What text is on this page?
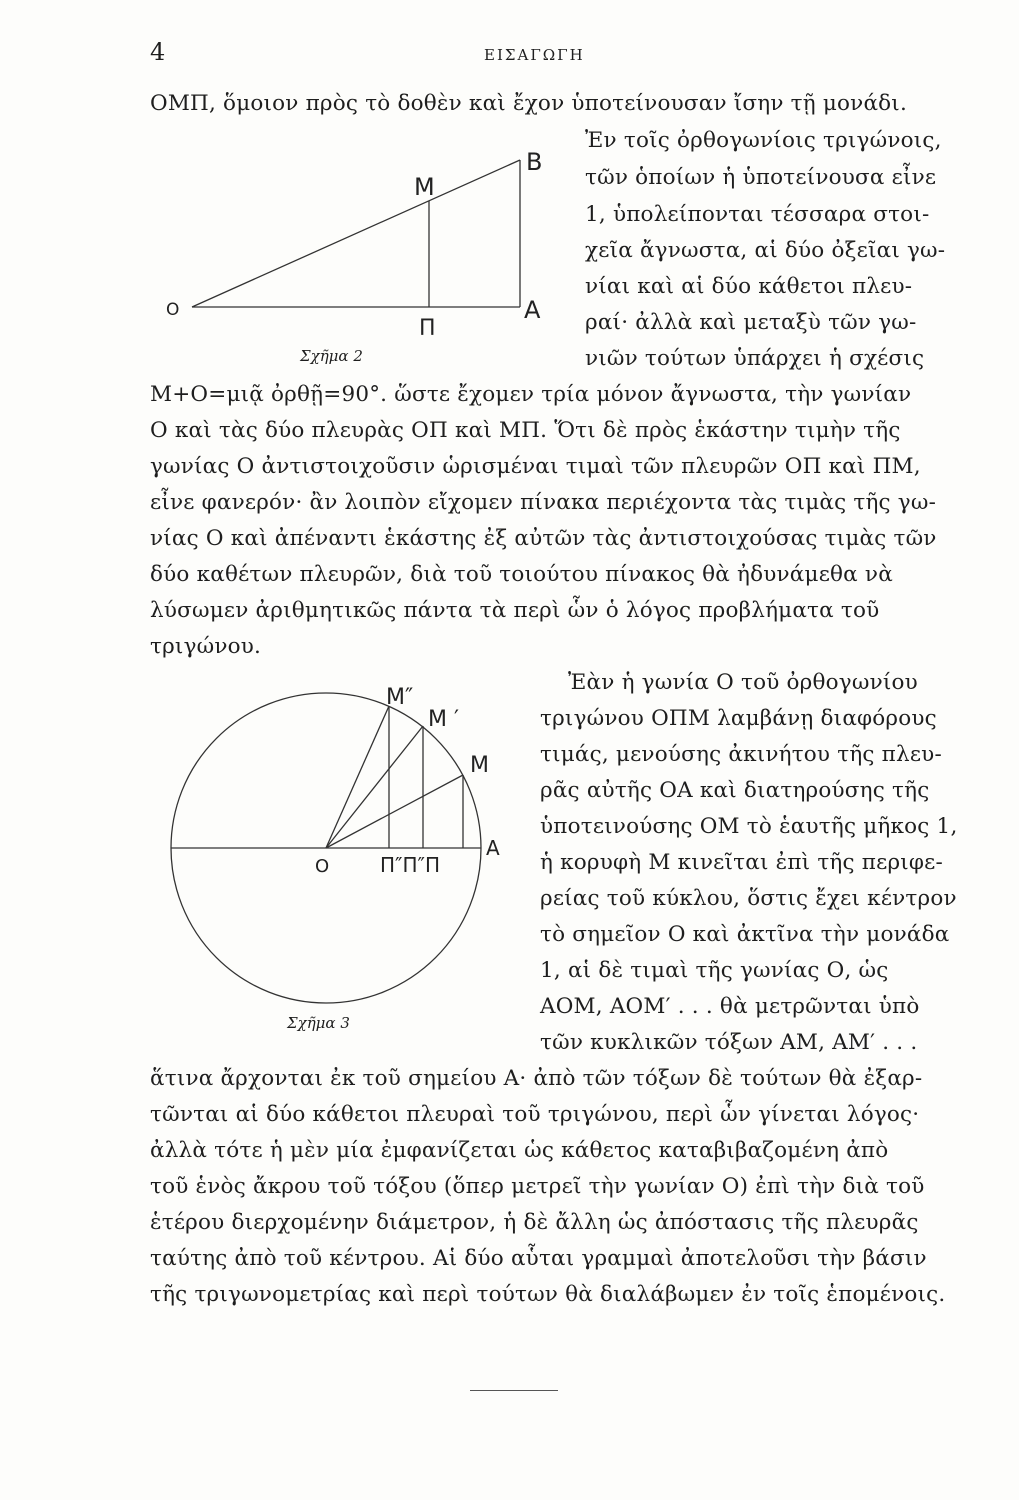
4	ΕΙΣΑΓΩΓΗ
O
Π
A
M
B
Σχῆμα 2
M″
M ′
M
O	Π″Π″Π
A
Σχῆμα 3
ΟΜΠ, ὅμοιον πρὸς τὸ δοθὲν καὶ ἔχον ὑποτείνουσαν ἴσην τῇ μονάδι.
Ἐν τοῖς ὀρθογωνίοις τριγώνοις,
τῶν ὁποίων ἡ ὑποτείνουσα εἶνε
1, ὑπολείπονται τέσσαρα στοι-
χεῖα ἄγνωστα, αἱ δύο ὀξεῖαι γω-
νίαι καὶ αἱ δύο κάθετοι πλευ-
ραί· ἀλλὰ καὶ μεταξὺ τῶν γω-
νιῶν τούτων ὑπάρχει ἡ σχέσις
Μ+Ο=μιᾷ ὀρθῇ=90°. ὥστε ἔχομεν τρία μόνον ἄγνωστα, τὴν γωνίαν
Ο καὶ τὰς δύο πλευρὰς ΟΠ καὶ ΜΠ. Ὅτι δὲ πρὸς ἑκάστην τιμὴν τῆς
γωνίας Ο ἀντιστοιχοῦσιν ὡρισμέναι τιμαὶ τῶν πλευρῶν ΟΠ καὶ ΠΜ,
εἶνε φανερόν· ἂν λοιπὸν εἴχομεν πίνακα περιέχοντα τὰς τιμὰς τῆς γω-
νίας Ο καὶ ἀπέναντι ἑκάστης ἐξ αὐτῶν τὰς ἀντιστοιχούσας τιμὰς τῶν
δύο καθέτων πλευρῶν, διὰ τοῦ τοιούτου πίνακος θὰ ἠδυνάμεθα νὰ
λύσωμεν ἀριθμητικῶς πάντα τὰ περὶ ὧν ὁ λόγος προβλήματα τοῦ
τριγώνου.
Ἐὰν ἡ γωνία Ο τοῦ ὀρθογωνίου
τριγώνου ΟΠΜ λαμβάνῃ διαφόρους
τιμάς, μενούσης ἀκινήτου τῆς πλευ-
ρᾶς αὐτῆς ΟΑ καὶ διατηρούσης τῆς
ὑποτεινούσης ΟΜ τὸ ἑαυτῆς μῆκος 1,
ἡ κορυφὴ Μ κινεῖται ἐπὶ τῆς περιφε-
ρείας τοῦ κύκλου, ὅστις ἔχει κέντρον
τὸ σημεῖον Ο καὶ ἀκτῖνα τὴν μονάδα
1, αἱ δὲ τιμαὶ τῆς γωνίας Ο, ὡς
ΑΟΜ, ΑΟΜ′ . . . θὰ μετρῶνται ὑπὸ
τῶν κυκλικῶν τόξων ΑΜ, ΑΜ′ . . .
ἅτινα ἄρχονται ἐκ τοῦ σημείου Α· ἀπὸ τῶν τόξων δὲ τούτων θὰ ἐξαρ-
τῶνται αἱ δύο κάθετοι πλευραὶ τοῦ τριγώνου, περὶ ὧν γίνεται λόγος·
ἀλλὰ τότε ἡ μὲν μία ἐμφανίζεται ὡς κάθετος καταβιβαζομένη ἀπὸ
τοῦ ἑνὸς ἄκρου τοῦ τόξου (ὅπερ μετρεῖ τὴν γωνίαν Ο) ἐπὶ τὴν διὰ τοῦ
ἑτέρου διερχομένην διάμετρον, ἡ δὲ ἄλλη ὡς ἀπόστασις τῆς πλευρᾶς
ταύτης ἀπὸ τοῦ κέντρου. Αἱ δύο αὗται γραμμαὶ ἀποτελοῦσι τὴν βάσιν
τῆς τριγωνομετρίας καὶ περὶ τούτων θὰ διαλάβωμεν ἐν τοῖς ἑπομένοις.
